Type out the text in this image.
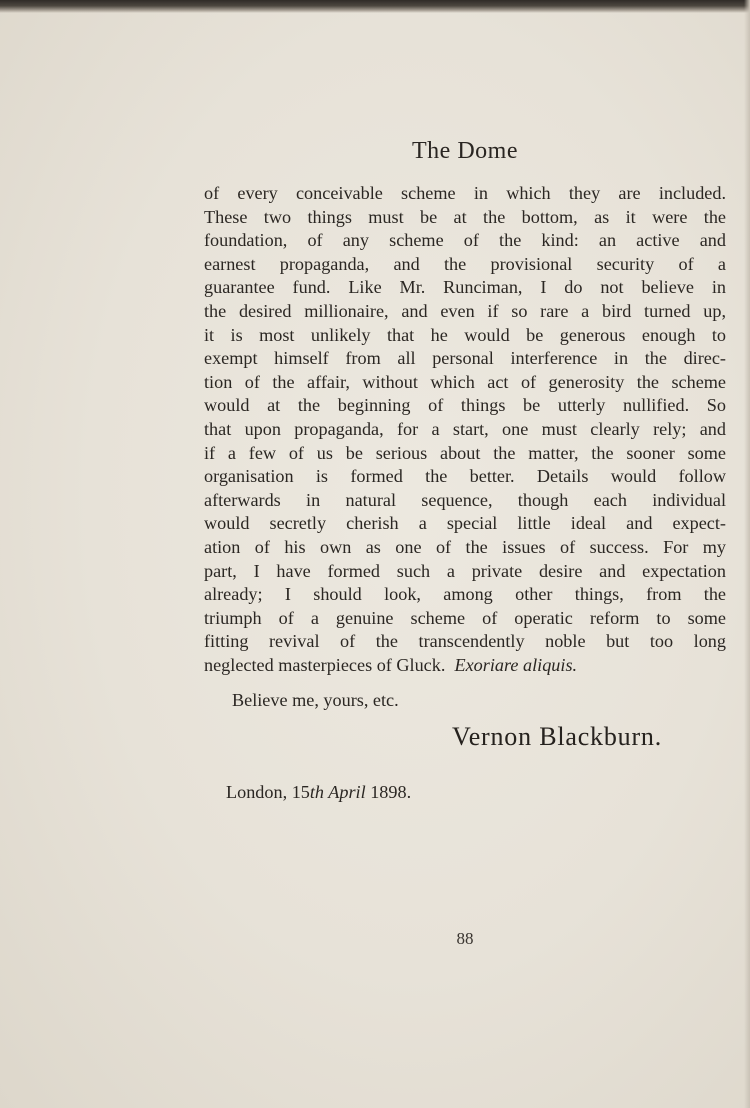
The Dome
of every conceivable scheme in which they are included.
These two things must be at the bottom, as it were the
foundation, of any scheme of the kind: an active and
earnest propaganda, and the provisional security of a
guarantee fund. Like Mr. Runciman, I do not believe in
the desired millionaire, and even if so rare a bird turned up,
it is most unlikely that he would be generous enough to
exempt himself from all personal interference in the direc-
tion of the affair, without which act of generosity the scheme
would at the beginning of things be utterly nullified. So
that upon propaganda, for a start, one must clearly rely; and
if a few of us be serious about the matter, the sooner some
organisation is formed the better. Details would follow
afterwards in natural sequence, though each individual
would secretly cherish a special little ideal and expect-
ation of his own as one of the issues of success. For my
part, I have formed such a private desire and expectation
already; I should look, among other things, from the
triumph of a genuine scheme of operatic reform to some
fitting revival of the transcendently noble but too long
neglected masterpieces of Gluck. Exoriare aliquis.
Believe me, yours, etc.
Vernon Blackburn.
London, 15th April 1898.
88
